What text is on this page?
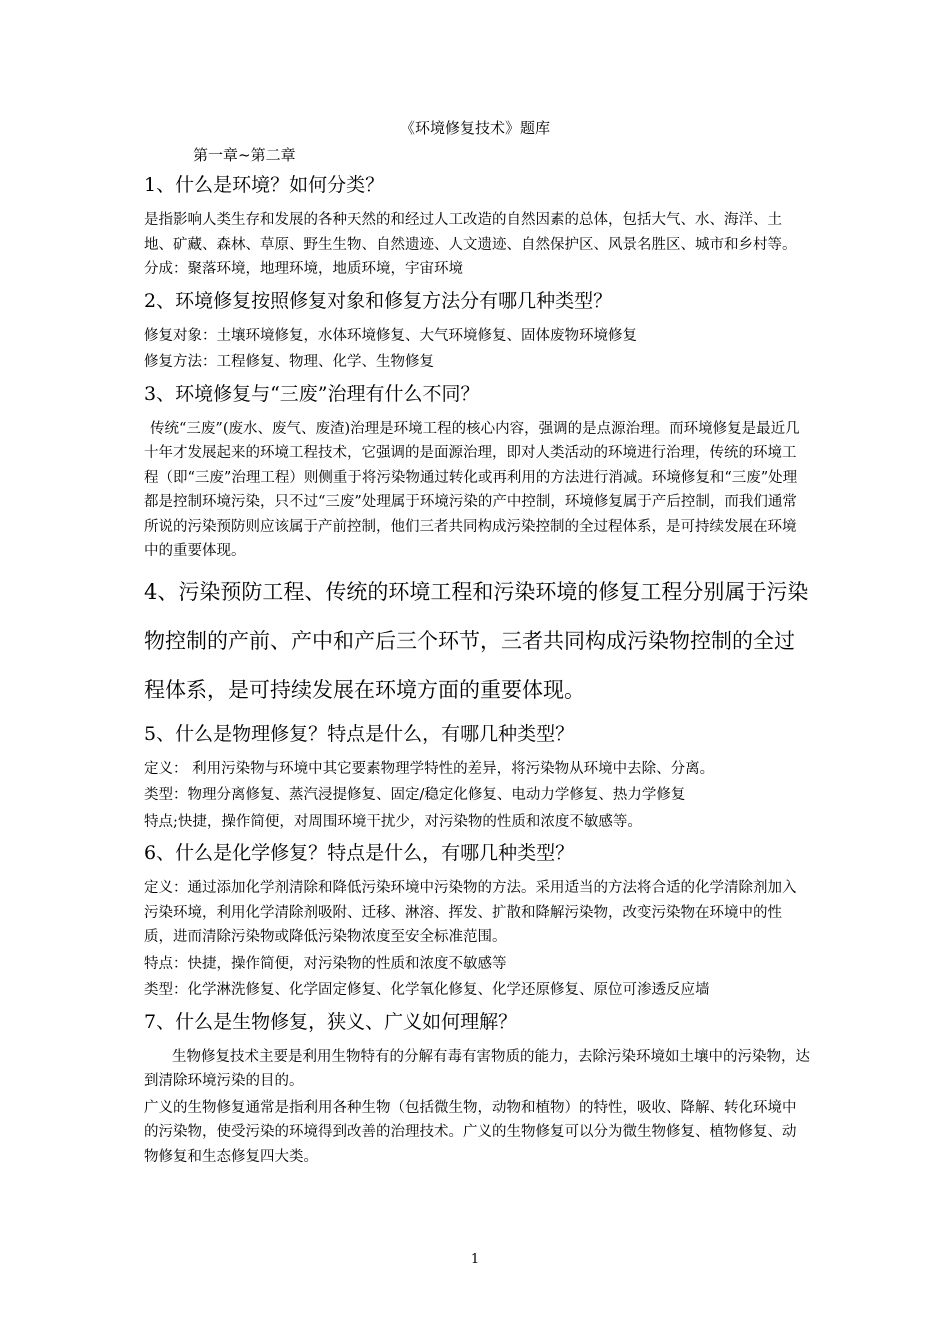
《环境修复技术》题库
第一章~第二章
1、什么是环境？如何分类？
是指影响人类生存和发展的各种天然的和经过人工改造的自然因素的总体，包括大气、水、海洋、土地、矿藏、森林、草原、野生生物、自然遗迹、人文遗迹、自然保护区、风景名胜区、城市和乡村等。分成：聚落环境，地理环境，地质环境，宇宙环境
2、环境修复按照修复对象和修复方法分有哪几种类型？
修复对象：土壤环境修复，水体环境修复、大气环境修复、固体废物环境修复
修复方法：工程修复、物理、化学、生物修复
3、环境修复与“三废”治理有什么不同？
传统“三废”(废水、废气、废渣)治理是环境工程的核心内容，强调的是点源治理。而环境修复是最近几十年才发展起来的环境工程技术，它强调的是面源治理，即对人类活动的环境进行治理，传统的环境工程（即“三废”治理工程）则侧重于将污染物通过转化或再利用的方法进行消减。环境修复和“三废”处理都是控制环境污染，只不过“三废”处理属于环境污染的产中控制，环境修复属于产后控制，而我们通常所说的污染预防则应该属于产前控制，他们三者共同构成污染控制的全过程体系，是可持续发展在环境中的重要体现。
4、污染预防工程、传统的环境工程和污染环境的修复工程分别属于污染物控制的产前、产中和产后三个环节，三者共同构成污染物控制的全过程体系，是可持续发展在环境方面的重要体现。
5、什么是物理修复？特点是什么，有哪几种类型？
定义： 利用污染物与环境中其它要素物理学特性的差异，将污染物从环境中去除、分离。
类型：物理分离修复、蒸汽浸提修复、固定/稳定化修复、电动力学修复、热力学修复
特点;快捷，操作简便，对周围环境干扰少，对污染物的性质和浓度不敏感等。
6、什么是化学修复？特点是什么，有哪几种类型？
定义：通过添加化学剂清除和降低污染环境中污染物的方法。采用适当的方法将合适的化学清除剂加入污染环境，利用化学清除剂吸附、迁移、淋溶、挥发、扩散和降解污染物，改变污染物在环境中的性质，进而清除污染物或降低污染物浓度至安全标准范围。
特点：快捷，操作简便，对污染物的性质和浓度不敏感等
类型：化学淋洗修复、化学固定修复、化学氧化修复、化学还原修复、原位可渗透反应墙
7、什么是生物修复，狭义、广义如何理解？
生物修复技术主要是利用生物特有的分解有毒有害物质的能力，去除污染环境如土壤中的污染物，达到清除环境污染的目的。
广义的生物修复通常是指利用各种生物（包括微生物，动物和植物）的特性，吸收、降解、转化环境中的污染物，使受污染的环境得到改善的治理技术。广义的生物修复可以分为微生物修复、植物修复、动物修复和生态修复四大类。
1
